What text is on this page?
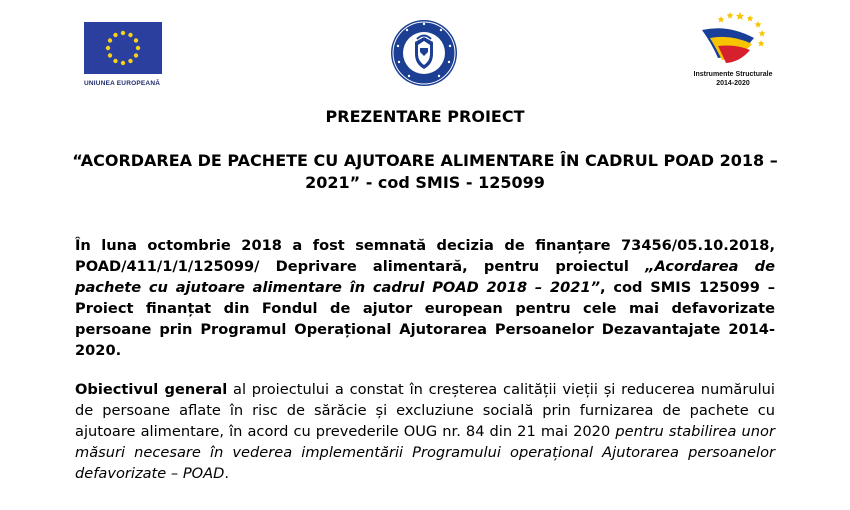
UNIUNEA EUROPEANĂ
Instrumente Structurale
2014-2020
PREZENTARE PROIECT
“ACORDAREA DE PACHETE CU AJUTOARE ALIMENTARE ÎN CADRUL POAD 2018 – 2021” - cod SMIS - 125099
În luna octombrie 2018 a fost semnată decizia de finanțare 73456/05.10.2018, POAD/411/1/1/125099/ Deprivare alimentară, pentru proiectul „Acordarea de pachete cu ajutoare alimentare în cadrul POAD 2018 – 2021”, cod SMIS 125099 – Proiect finanțat din Fondul de ajutor european pentru cele mai defavorizate persoane prin Programul Operațional Ajutorarea Persoanelor Dezavantajate 2014-2020.
Obiectivul general al proiectului a constat în creșterea calității vieții și reducerea numărului de persoane aflate în risc de sărăcie și excluziune socială prin furnizarea de pachete cu ajutoare alimentare, în acord cu prevederile OUG nr. 84 din 21 mai 2020 pentru stabilirea unor măsuri necesare în vederea implementării Programului operațional Ajutorarea persoanelor defavorizate – POAD.
